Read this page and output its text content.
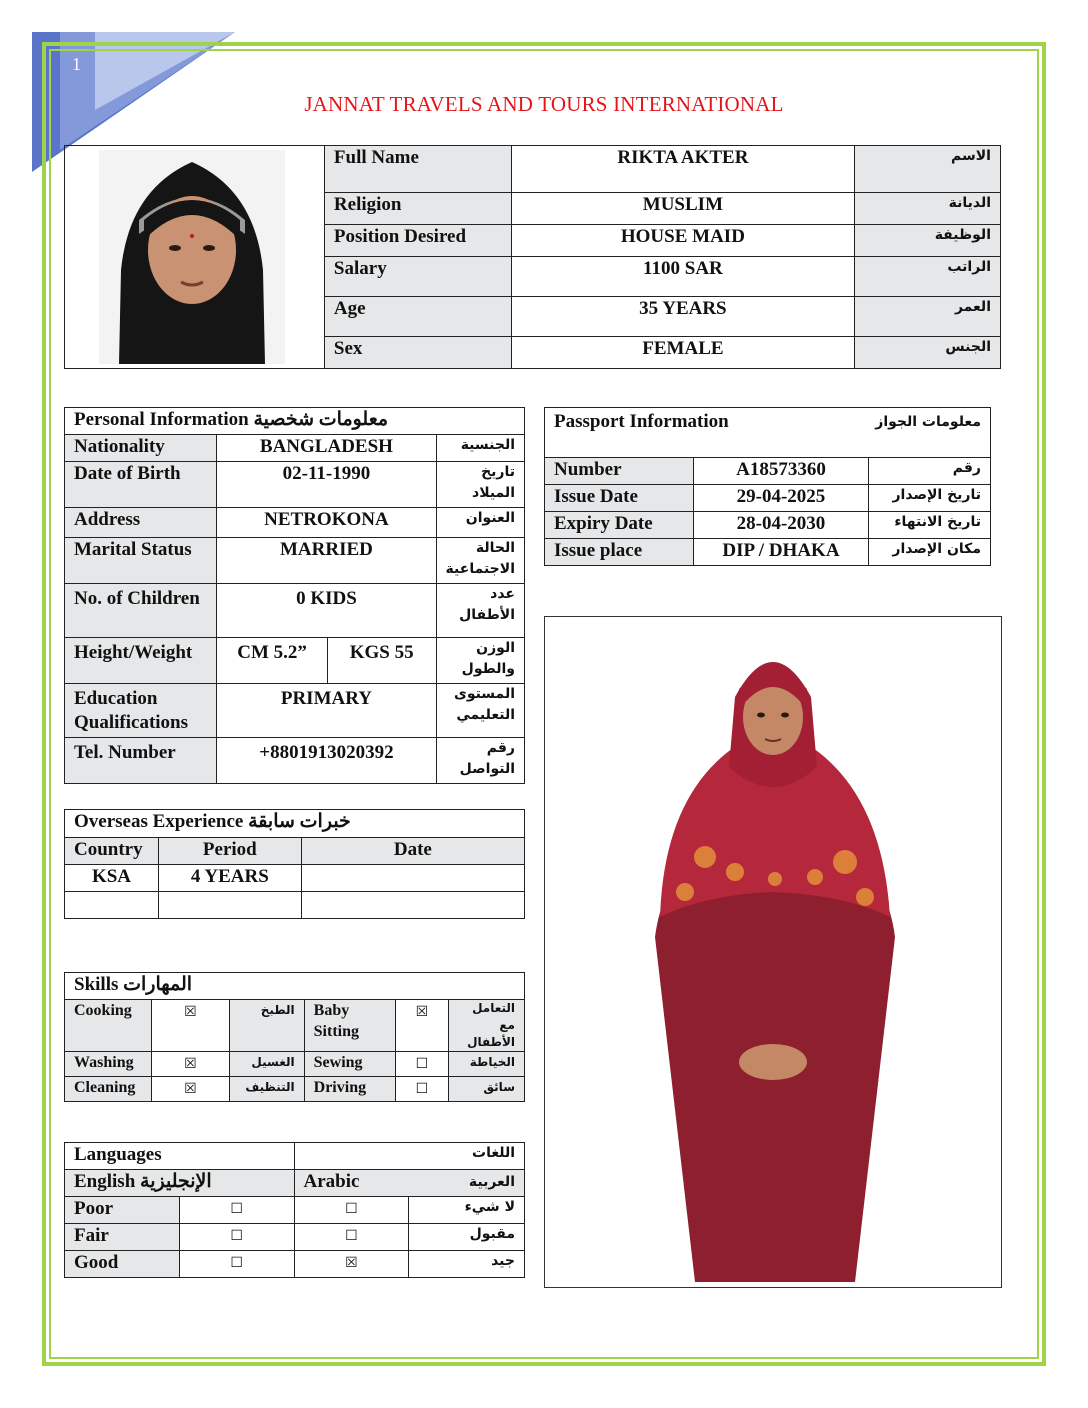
1
JANNAT TRAVELS AND TOURS INTERNATIONAL
	Full Name	RIKTA AKTER	الاسم
	Religion	MUSLIM	الديانة
	Position Desired	HOUSE MAID	الوظيفة
	Salary	1100 SAR	الراتب
	Age	35 YEARS	العمر
	Sex	FEMALE	الجنس
Personal Information معلومات شخصية
Nationality	BANGLADESH		الجنسية
Date of Birth	02-11-1990		تاريخ الميلاد
Address	NETROKONA		العنوان
Marital Status	MARRIED		الحالة الاجتماعية
No. of Children	0 KIDS		عدد الأطفال
Height/Weight	CM 5.2”	KGS 55	الوزن والطول
Education Qualifications	PRIMARY		المستوى التعليمي
Tel. Number	+8801913020392		رقم التواصل
Passport Information معلومات الجواز		

Number	A18573360	رقم
Issue Date	29-04-2025	تاريخ الإصدار
Expiry Date	28-04-2030	تاريخ الانتهاء
Issue place	DIP / DHAKA	مكان الإصدار
Overseas Experience خبرات سابقة		
Country	Period	Date
KSA	4 YEARS	

Skills المهارات					
Cooking	☒	الطبخ	Baby Sitting	☒	التعامل مع الأطفال
Washing	☒	الغسيل	Sewing	☐	الخياطة
Cleaning	☒	التنظيف	Driving	☐	سائق
Languages		اللغات	
English الإنجليزية		Arabic العربية	

Poor	☐	☐	لا شيء
Fair	☐	☐	مقبول
Good	☐	☒	جيد
